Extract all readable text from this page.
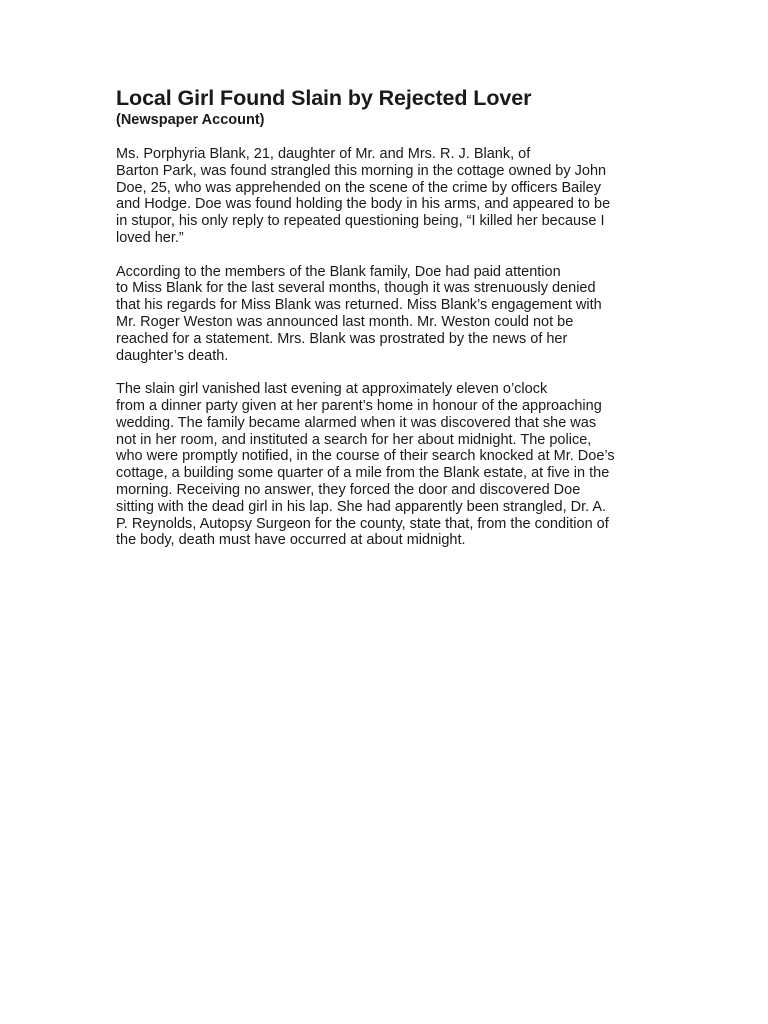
Local Girl Found Slain by Rejected Lover
(Newspaper Account)

Ms. Porphyria Blank, 21, daughter of Mr. and Mrs. R. J. Blank, of
Barton Park, was found strangled this morning in the cottage owned by John
Doe, 25, who was apprehended on the scene of the crime by officers Bailey
and Hodge. Doe was found holding the body in his arms, and appeared to be
in stupor, his only reply to repeated questioning being, “I killed her because I
loved her.”

According to the members of the Blank family, Doe had paid attention
to Miss Blank for the last several months, though it was strenuously denied
that his regards for Miss Blank was returned. Miss Blank’s engagement with
Mr. Roger Weston was announced last month. Mr. Weston could not be
reached for a statement. Mrs. Blank was prostrated by the news of her
daughter’s death.

The slain girl vanished last evening at approximately eleven o’clock
from a dinner party given at her parent’s home in honour of the approaching
wedding. The family became alarmed when it was discovered that she was
not in her room, and instituted a search for her about midnight. The police,
who were promptly notified, in the course of their search knocked at Mr. Doe’s
cottage, a building some quarter of a mile from the Blank estate, at five in the
morning. Receiving no answer, they forced the door and discovered Doe
sitting with the dead girl in his lap. She had apparently been strangled, Dr. A.
P. Reynolds, Autopsy Surgeon for the county, state that, from the condition of
the body, death must have occurred at about midnight.
